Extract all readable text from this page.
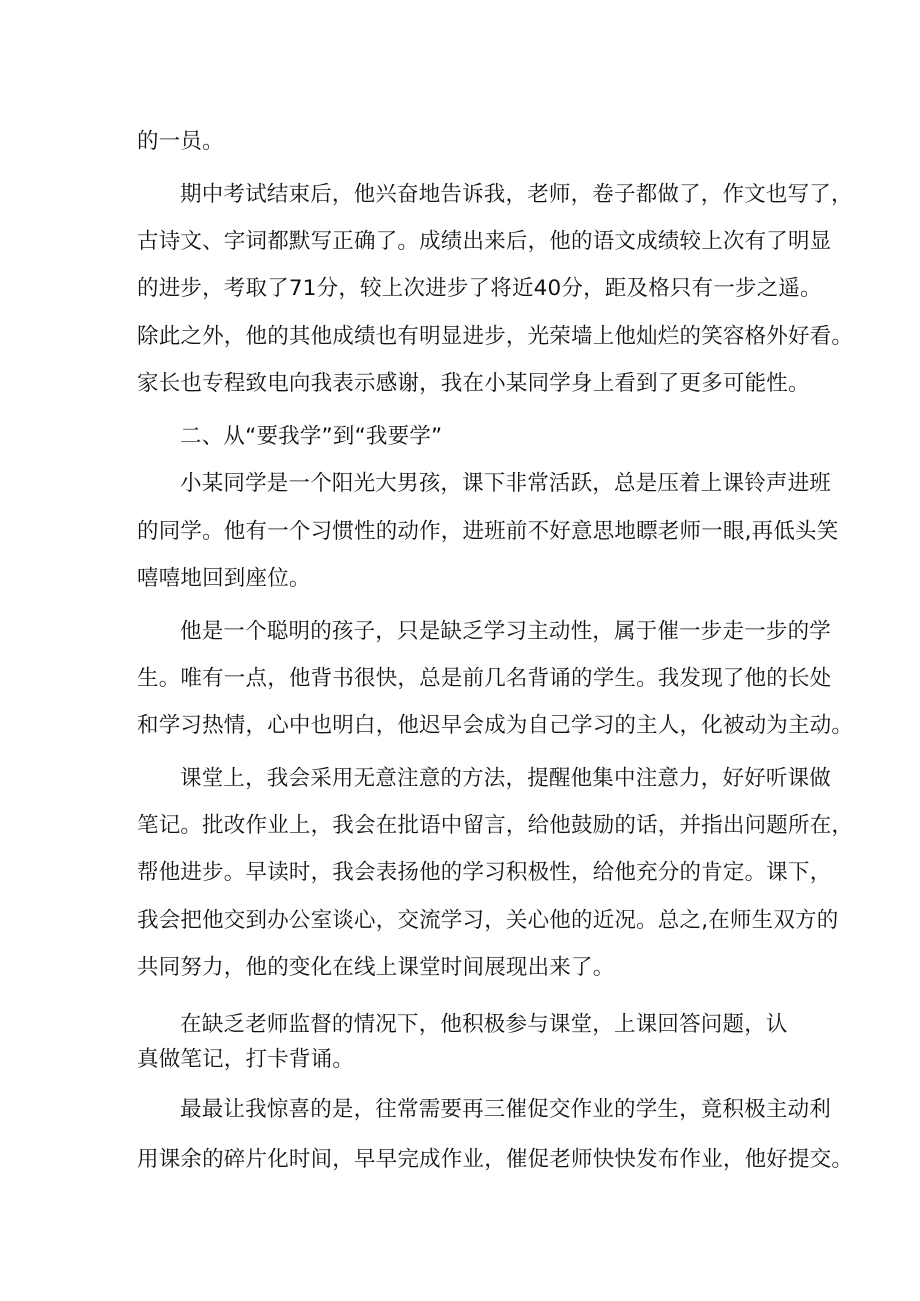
的一员。
期中考试结束后，他兴奋地告诉我，老师，卷子都做了，作文也写了，
古诗文、字词都默写正确了。成绩出来后，他的语文成绩较上次有了明显
的进步，考取了71分，较上次进步了将近40分，距及格只有一步之遥。
除此之外，他的其他成绩也有明显进步，光荣墙上他灿烂的笑容格外好看。
家长也专程致电向我表示感谢，我在小某同学身上看到了更多可能性。
二、从“要我学”到“我要学”
小某同学是一个阳光大男孩，课下非常活跃，总是压着上课铃声进班
的同学。他有一个习惯性的动作，进班前不好意思地瞟老师一眼,再低头笑
嘻嘻地回到座位。
他是一个聪明的孩子，只是缺乏学习主动性，属于催一步走一步的学
生。唯有一点，他背书很快，总是前几名背诵的学生。我发现了他的长处
和学习热情，心中也明白，他迟早会成为自己学习的主人，化被动为主动。
课堂上，我会采用无意注意的方法，提醒他集中注意力，好好听课做
笔记。批改作业上，我会在批语中留言，给他鼓励的话，并指出问题所在，
帮他进步。早读时，我会表扬他的学习积极性，给他充分的肯定。课下，
我会把他交到办公室谈心，交流学习，关心他的近况。总之,在师生双方的
共同努力，他的变化在线上课堂时间展现出来了。
在缺乏老师监督的情况下，他积极参与课堂，上课回答问题，认
真做笔记，打卡背诵。
最最让我惊喜的是，往常需要再三催促交作业的学生，竟积极主动利
用课余的碎片化时间，早早完成作业，催促老师快快发布作业，他好提交。
